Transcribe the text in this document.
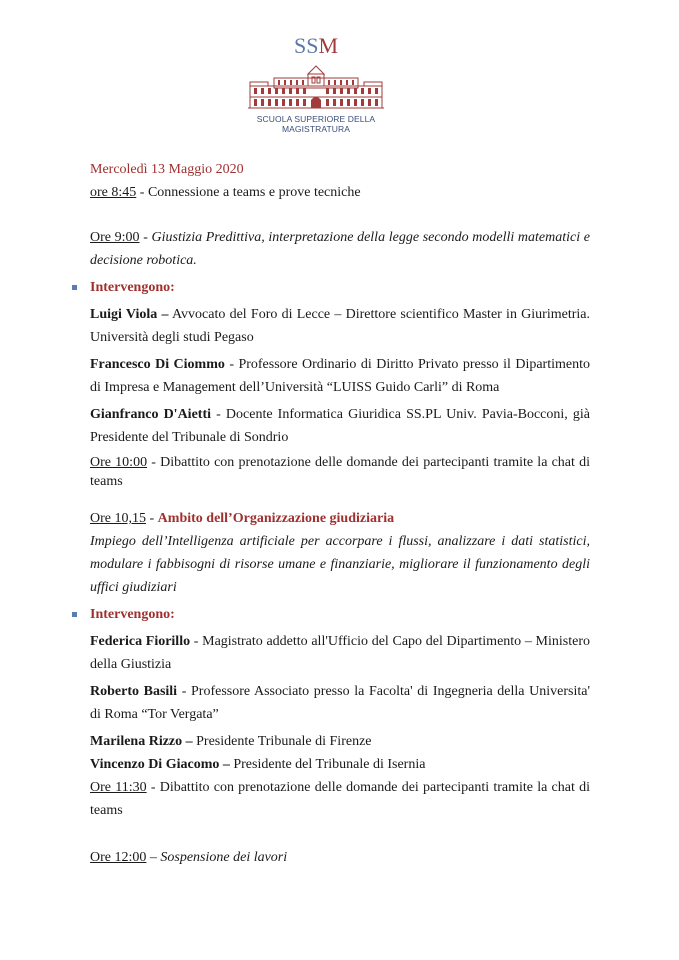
SSM
SCUOLA SUPERIORE DELLA MAGISTRATURA

Mercoledì 13 Maggio 2020

ore 8:45 - Connessione a teams e prove tecniche

Ore 9:00 - Giustizia Predittiva, interpretazione della legge secondo modelli matematici e decisione robotica.

Intervengono:

Luigi Viola – Avvocato del Foro di Lecce – Direttore scientifico Master in Giurimetria. Università degli studi Pegaso

Francesco Di Ciommo - Professore Ordinario di Diritto Privato presso il Dipartimento di Impresa e Management dell’Università “LUISS Guido Carli” di Roma

Gianfranco D'Aietti - Docente Informatica Giuridica SS.PL Univ. Pavia-Bocconi, già Presidente del Tribunale di Sondrio

Ore 10:00 - Dibattito con prenotazione delle domande dei partecipanti tramite la chat di teams

Ore 10,15 - Ambito dell’Organizzazione giudiziaria

Impiego dell’Intelligenza artificiale per accorpare i flussi, analizzare i dati statistici, modulare i fabbisogni di risorse umane e finanziarie, migliorare il funzionamento degli uffici giudiziari

Intervengono:

Federica Fiorillo - Magistrato addetto all'Ufficio del Capo del Dipartimento – Ministero della Giustizia

Roberto Basili - Professore Associato presso la Facolta' di Ingegneria della Universita' di Roma “Tor Vergata”

Marilena Rizzo – Presidente Tribunale di Firenze

Vincenzo Di Giacomo – Presidente del Tribunale di Isernia

Ore 11:30 - Dibattito con prenotazione delle domande dei partecipanti tramite la chat di teams

Ore 12:00 – Sospensione dei lavori
